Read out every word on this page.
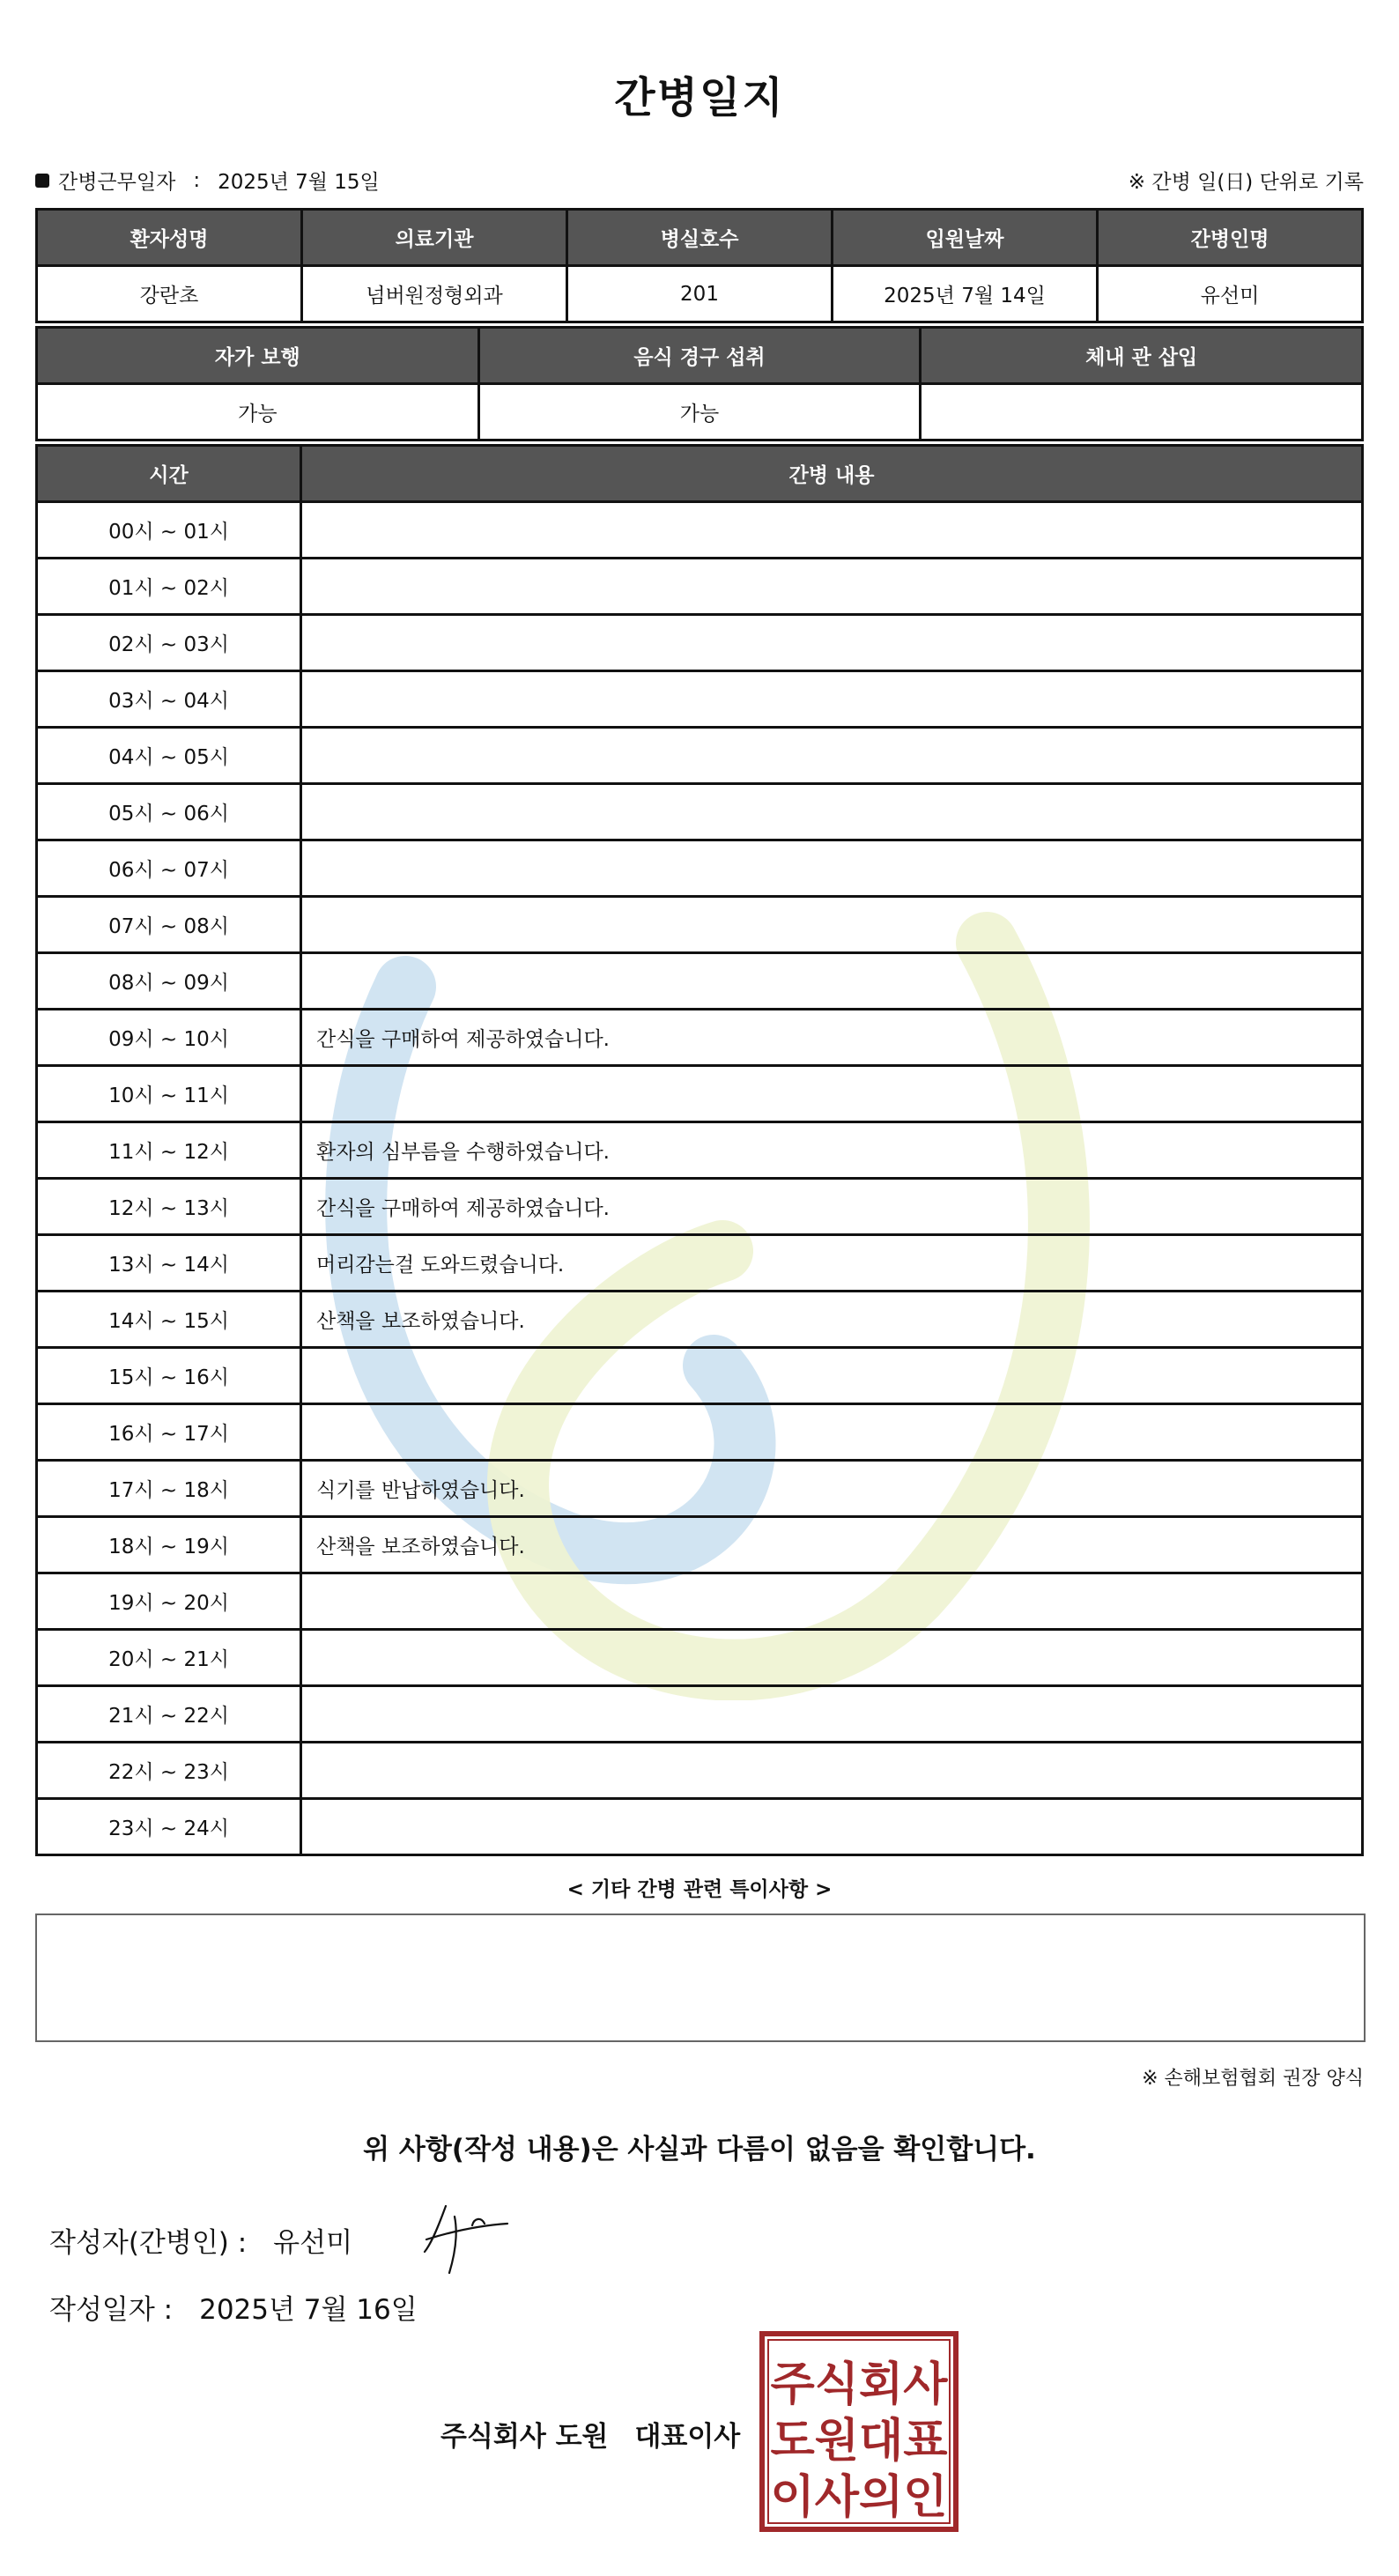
간병일지
간병근무일자 : 2025년 7월 15일	※ 간병 일(日) 단위로 기록
환자성명	의료기관	병실호수	입원날짜	간병인명
강란초	넘버원정형외과	201	2025년 7월 14일	유선미
자가 보행	음식 경구 섭취	체내 관 삽입
가능	가능	
시간	간병 내용
00시 ~ 01시	
01시 ~ 02시	
02시 ~ 03시	
03시 ~ 04시	
04시 ~ 05시	
05시 ~ 06시	
06시 ~ 07시	
07시 ~ 08시	
08시 ~ 09시	
09시 ~ 10시	간식을 구매하여 제공하였습니다.
10시 ~ 11시	
11시 ~ 12시	환자의 심부름을 수행하였습니다.
12시 ~ 13시	간식을 구매하여 제공하였습니다.
13시 ~ 14시	머리감는걸 도와드렸습니다.
14시 ~ 15시	산책을 보조하였습니다.
15시 ~ 16시	
16시 ~ 17시	
17시 ~ 18시	식기를 반납하였습니다.
18시 ~ 19시	산책을 보조하였습니다.
19시 ~ 20시	
20시 ~ 21시	
21시 ~ 22시	
22시 ~ 23시	
23시 ~ 24시	
< 기타 간병 관련 특이사항 >
※ 손해보험협회 권장 양식
위 사항(작성 내용)은 사실과 다름이 없음을 확인합니다.
작성자(간병인) : 유선미
작성일자 : 2025년 7월 16일
주식회사 도원 대표이사
주식회사
도원대표
이사의인
